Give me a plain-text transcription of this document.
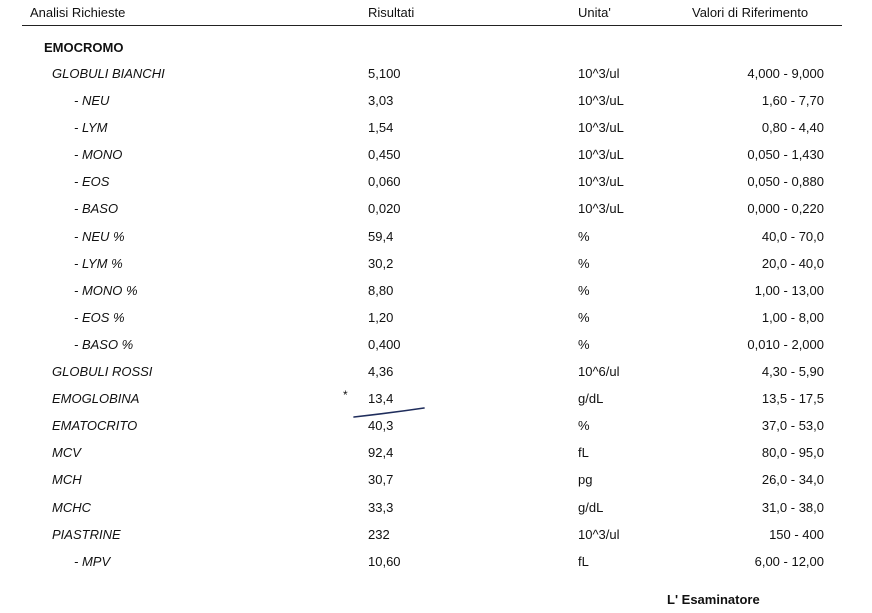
Analisi Richieste	Risultati	Unita'	Valori di Riferimento
EMOCROMO
GLOBULI BIANCHI	5,100	10^3/ul	4,000 - 9,000
- NEU	3,03	10^3/uL	1,60 - 7,70
- LYM	1,54	10^3/uL	0,80 - 4,40
- MONO	0,450	10^3/uL	0,050 - 1,430
- EOS	0,060	10^3/uL	0,050 - 0,880
- BASO	0,020	10^3/uL	0,000 - 0,220
- NEU %	59,4	%	40,0 - 70,0
- LYM %	30,2	%	20,0 - 40,0
- MONO %	8,80	%	1,00 - 13,00
- EOS %	1,20	%	1,00 - 8,00
- BASO %	0,400	%	0,010 - 2,000
GLOBULI ROSSI	4,36	10^6/ul	4,30 - 5,90
EMOGLOBINA	* 13,4	g/dL	13,5 - 17,5
EMATOCRITO	40,3	%	37,0 - 53,0
MCV	92,4	fL	80,0 - 95,0
MCH	30,7	pg	26,0 - 34,0
MCHC	33,3	g/dL	31,0 - 38,0
PIASTRINE	232	10^3/ul	150 - 400
- MPV	10,60	fL	6,00 - 12,00
L' Esaminatore
